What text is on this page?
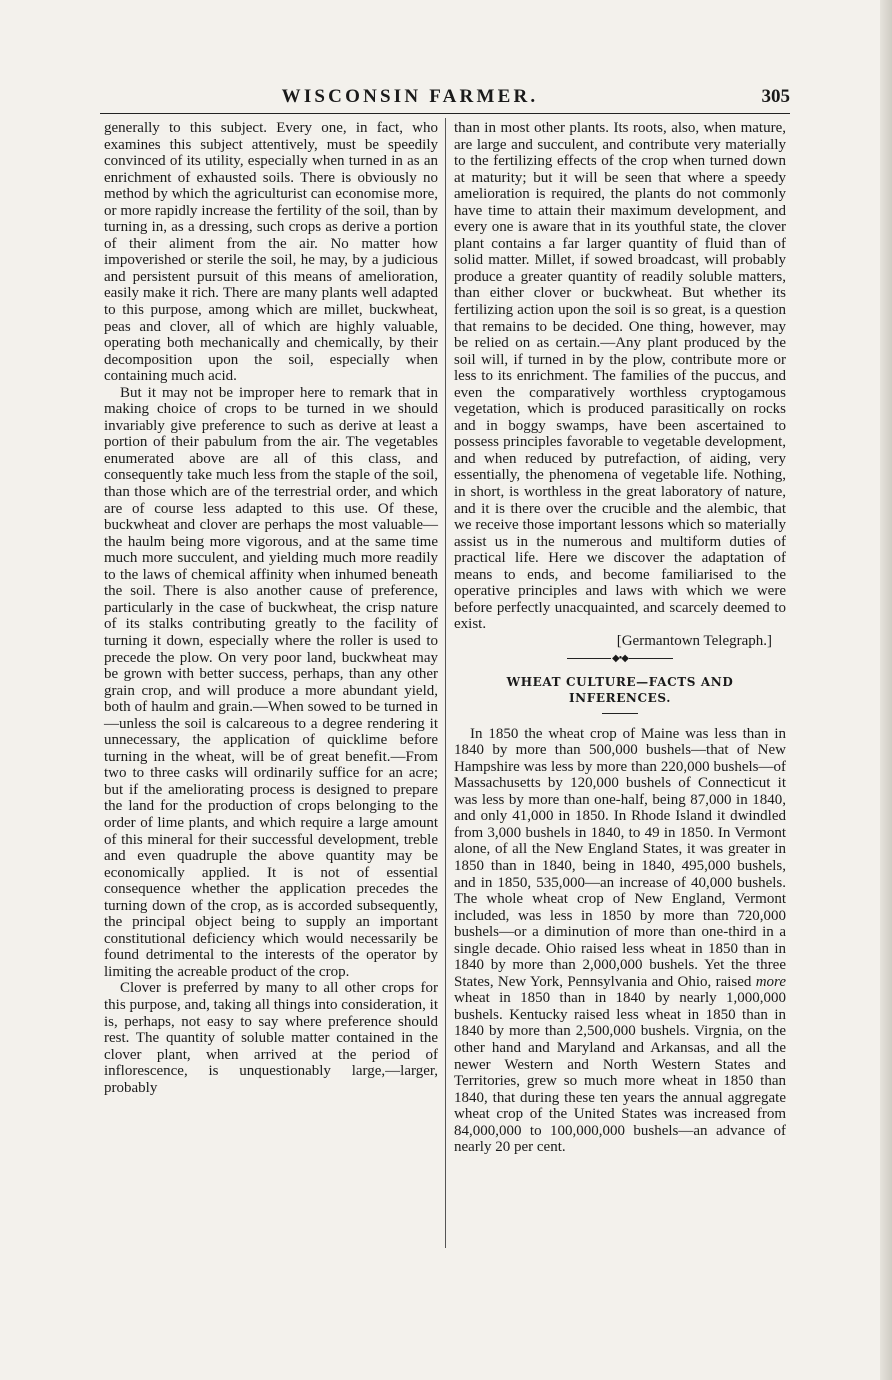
WISCONSIN FARMER.	305

generally to this subject. Every one, in fact, who examines this subject attentively, must be speedily convinced of its utility, especially when turned in as an enrichment of exhausted soils. There is obviously no method by which the agriculturist can economise more, or more rapidly increase the fertility of the soil, than by turning in, as a dressing, such crops as derive a portion of their aliment from the air. No matter how impoverished or sterile the soil, he may, by a judicious and persistent pursuit of this means of amelioration, easily make it rich. There are many plants well adapted to this purpose, among which are millet, buckwheat, peas and clover, all of which are highly valuable, operating both mechanically and chemically, by their decomposition upon the soil, especially when containing much acid.

But it may not be improper here to remark that in making choice of crops to be turned in we should invariably give preference to such as derive at least a portion of their pabulum from the air. The vegetables enumerated above are all of this class, and consequently take much less from the staple of the soil, than those which are of the terrestrial order, and which are of course less adapted to this use. Of these, buckwheat and clover are perhaps the most valuable—the haulm being more vigorous, and at the same time much more succulent, and yielding much more readily to the laws of chemical affinity when inhumed beneath the soil. There is also another cause of preference, particularly in the case of buckwheat, the crisp nature of its stalks contributing greatly to the facility of turning it down, especially where the roller is used to precede the plow. On very poor land, buckwheat may be grown with better success, perhaps, than any other grain crop, and will produce a more abundant yield, both of haulm and grain.—When sowed to be turned in—unless the soil is calcareous to a degree rendering it unnecessary, the application of quicklime before turning in the wheat, will be of great benefit.—From two to three casks will ordinarily suffice for an acre; but if the ameliorating process is designed to prepare the land for the production of crops belonging to the order of lime plants, and which require a large amount of this mineral for their successful development, treble and even quadruple the above quantity may be economically applied. It is not of essential consequence whether the application precedes the turning down of the crop, as is accorded subsequently, the principal object being to supply an important constitutional deficiency which would necessarily be found detrimental to the interests of the operator by limiting the acreable product of the crop.

Clover is preferred by many to all other crops for this purpose, and, taking all things into consideration, it is, perhaps, not easy to say where preference should rest. The quantity of soluble matter contained in the clover plant, when arrived at the period of inflorescence, is unquestionably large,—larger, probably

than in most other plants. Its roots, also, when mature, are large and succulent, and contribute very materially to the fertilizing effects of the crop when turned down at maturity; but it will be seen that where a speedy amelioration is required, the plants do not commonly have time to attain their maximum development, and every one is aware that in its youthful state, the clover plant contains a far larger quantity of fluid than of solid matter. Millet, if sowed broadcast, will probably produce a greater quantity of readily soluble matters, than either clover or buckwheat. But whether its fertilizing action upon the soil is so great, is a question that remains to be decided. One thing, however, may be relied on as certain.—Any plant produced by the soil will, if turned in by the plow, contribute more or less to its enrichment. The families of the puccus, and even the comparatively worthless cryptogamous vegetation, which is produced parasitically on rocks and in boggy swamps, have been ascertained to possess principles favorable to vegetable development, and when reduced by putrefaction, of aiding, very essentially, the phenomena of vegetable life. Nothing, in short, is worthless in the great laboratory of nature, and it is there over the crucible and the alembic, that we receive those important lessons which so materially assist us in the numerous and multiform duties of practical life. Here we discover the adaptation of means to ends, and become familiarised to the operative principles and laws with which we were before perfectly unacquainted, and scarcely deemed to exist.

[Germantown Telegraph.]
◆•◆
WHEAT CULTURE—FACTS AND INFERENCES.

In 1850 the wheat crop of Maine was less than in 1840 by more than 500,000 bushels—that of New Hampshire was less by more than 220,000 bushels—of Massachusetts by 120,000 bushels of Connecticut it was less by more than one-half, being 87,000 in 1840, and only 41,000 in 1850. In Rhode Island it dwindled from 3,000 bushels in 1840, to 49 in 1850. In Vermont alone, of all the New England States, it was greater in 1850 than in 1840, being in 1840, 495,000 bushels, and in 1850, 535,000—an increase of 40,000 bushels. The whole wheat crop of New England, Vermont included, was less in 1850 by more than 720,000 bushels—or a diminution of more than one-third in a single decade. Ohio raised less wheat in 1850 than in 1840 by more than 2,000,000 bushels. Yet the three States, New York, Pennsylvania and Ohio, raised more wheat in 1850 than in 1840 by nearly 1,000,000 bushels. Kentucky raised less wheat in 1850 than in 1840 by more than 2,500,000 bushels. Virgnia, on the other hand and Maryland and Arkansas, and all the newer Western and North Western States and Territories, grew so much more wheat in 1850 than 1840, that during these ten years the annual aggregate wheat crop of the United States was increased from 84,000,000 to 100,000,000 bushels—an advance of nearly 20 per cent.
